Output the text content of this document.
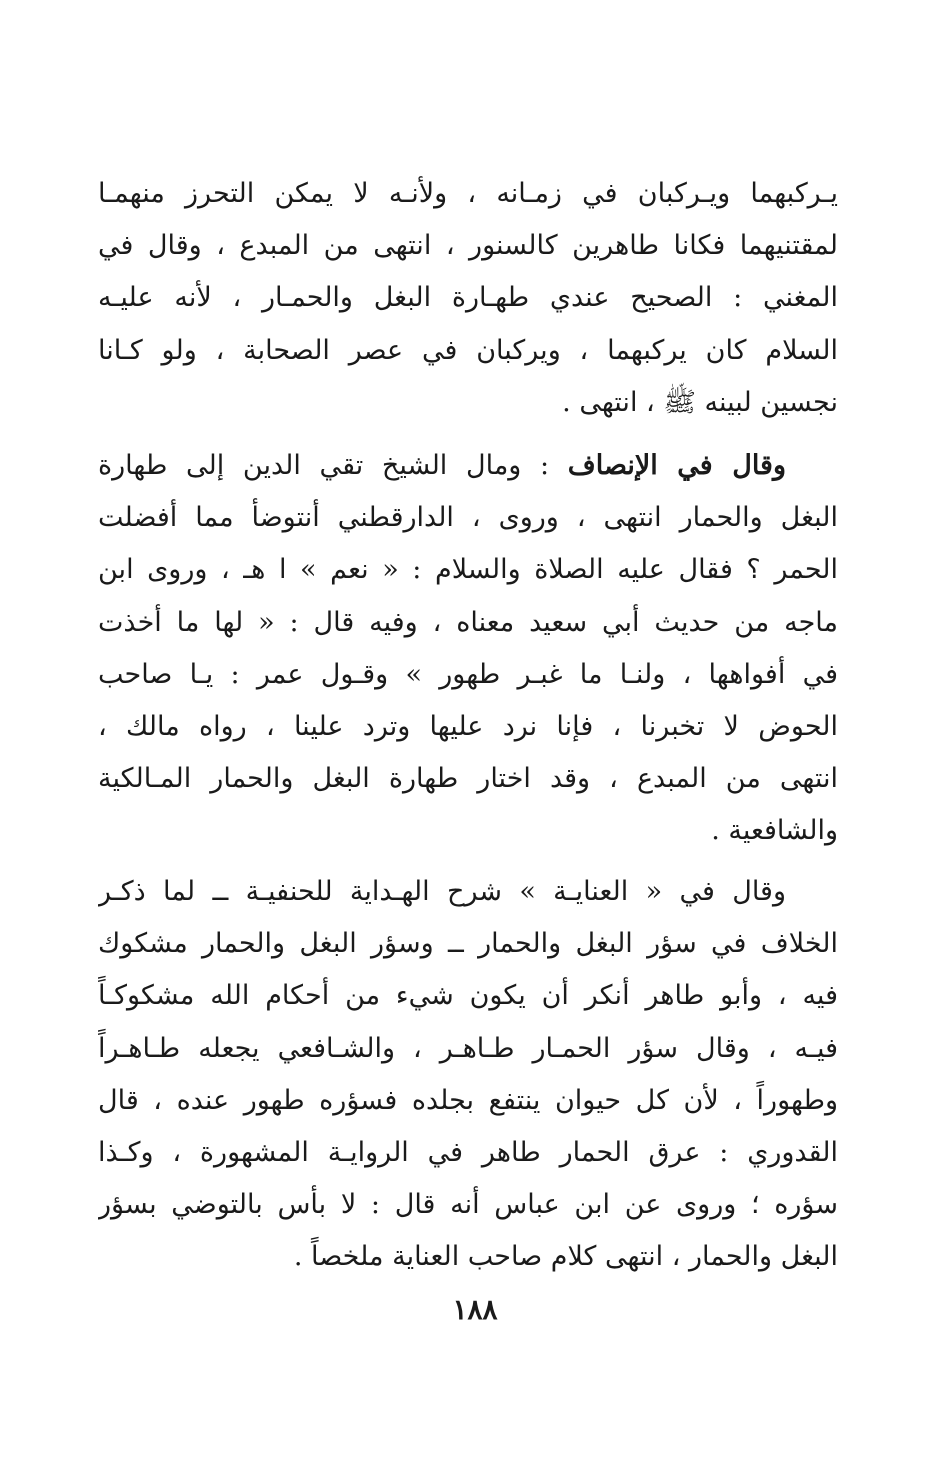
يـركبهما ويـركبان في زمـانه ، ولأنـه لا يمكن التحرز منهمـا
لمقتنيهما فكانا طاهرين كالسنور ، انتهى من المبدع ، وقال في
المغني : الصحيح عندي طهـارة البغل والحمـار ، لأنه عليـه
السلام كان يركبهما ، ويركبان في عصر الصحابة ، ولو كـانا
نجسين لبينه ﷺ ، انتهى .
وقال في الإنصاف : ومال الشيخ تقي الدين إلى طهارة
البغل والحمار انتهى ، وروى ، الدارقطني أنتوضأ مما أفضلت
الحمر ؟ فقال عليه الصلاة والسلام : « نعم » ا هـ ، وروى ابن
ماجه من حديث أبي سعيد معناه ، وفيه قال : « لها ما أخذت
في أفواهها ، ولنـا ما غبـر طهور » وقـول عمر : يـا صاحب
الحوض لا تخبرنا ، فإنا نرد عليها وترد علينا ، رواه مالك ،
انتهى من المبدع ، وقد اختار طهارة البغل والحمار المـالكية
والشافعية .
وقال في « العنايـة » شرح الهـداية للحنفيـة ــ لما ذكـر
الخلاف في سؤر البغل والحمار ــ وسؤر البغل والحمار مشكوك
فيه ، وأبو طاهر أنكر أن يكون شيء من أحكام الله مشكوكـاً
فيـه ، وقال سؤر الحمـار طـاهـر ، والشـافعي يجعله طـاهـراً
وطهوراً ، لأن كل حيوان ينتفع بجلده فسؤره طهور عنده ، قال
القدوري : عرق الحمار طاهر في الروايـة المشهورة ، وكـذا
سؤره ؛ وروى عن ابن عباس أنه قال : لا بأس بالتوضي بسؤر
البغل والحمار ، انتهى كلام صاحب العناية ملخصاً .
١٨٨
